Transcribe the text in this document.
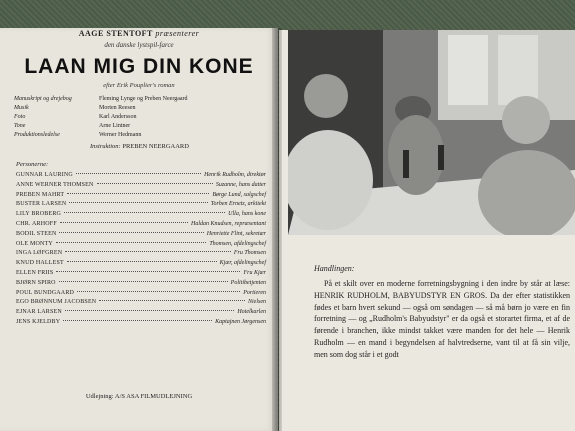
AAGE STENTOFT præsenterer
den danske lystspil-farce
LAAN MIG DIN KONE
efter Erik Pouplier's roman
Manuskript og drejebog	Fleming Lynge og Preben Neergaard
Musik	Morten Reesen
Foto	Karl Andersson
Tone	Arne Lintner
Produktionsledelse	Werner Hedmann
Instruktion: PREBEN NEERGAARD
Personerne:
GUNNAR LAURING	Henrik Rudholm, direktør
ANNE WERNER THOMSEN	Suzanne, hans datter
PREBEN MAHRT	Børge Lund, salgschef
BUSTER LARSEN	Torben Ernetz, arkitekt
LILY BROBERG	Ulla, hans kone
CHR. ARHOFF	Haldan Knudsen, repræsentant
BODIL STEEN	Henriette Flint, sekretær
OLE MONTY	Thomsen, afdelingschef
INGA LØFGREN	Fru Thomsen
KNUD HALLEST	Kjær, afdelingschef
ELLEN FRIIS	Fru Kjær
BJØRN SPIRO	Politibetjenten
POUL BUNDGAARD	Portieren
EGO BRØNNUM JACOBSEN	Nielsen
EJNAR LARSEN	Hotelkarlen
JENS KJELDBY	Kaptajnen Jørgensen
Udlejning: A/S ASA FILMUDLEJNING
Handlingen:

På et skilt over en moderne forretningsbygning i den indre by står at læse: HENRIK RUDHOLM, BABYUDSTYR EN GROS. Da der efter statistikken fødes et barn hvert sekund — også om søndagen — så må børn jo være en fin forretning — og „Rudholm's Babyudstyr" er da også et storartet firma, et af de førende i branchen, ikke mindst takket være manden for det hele — Henrik Rudholm — en mand i begyndelsen af halvtredserne, vant til at få sin vilje, men som dog står i et godt
